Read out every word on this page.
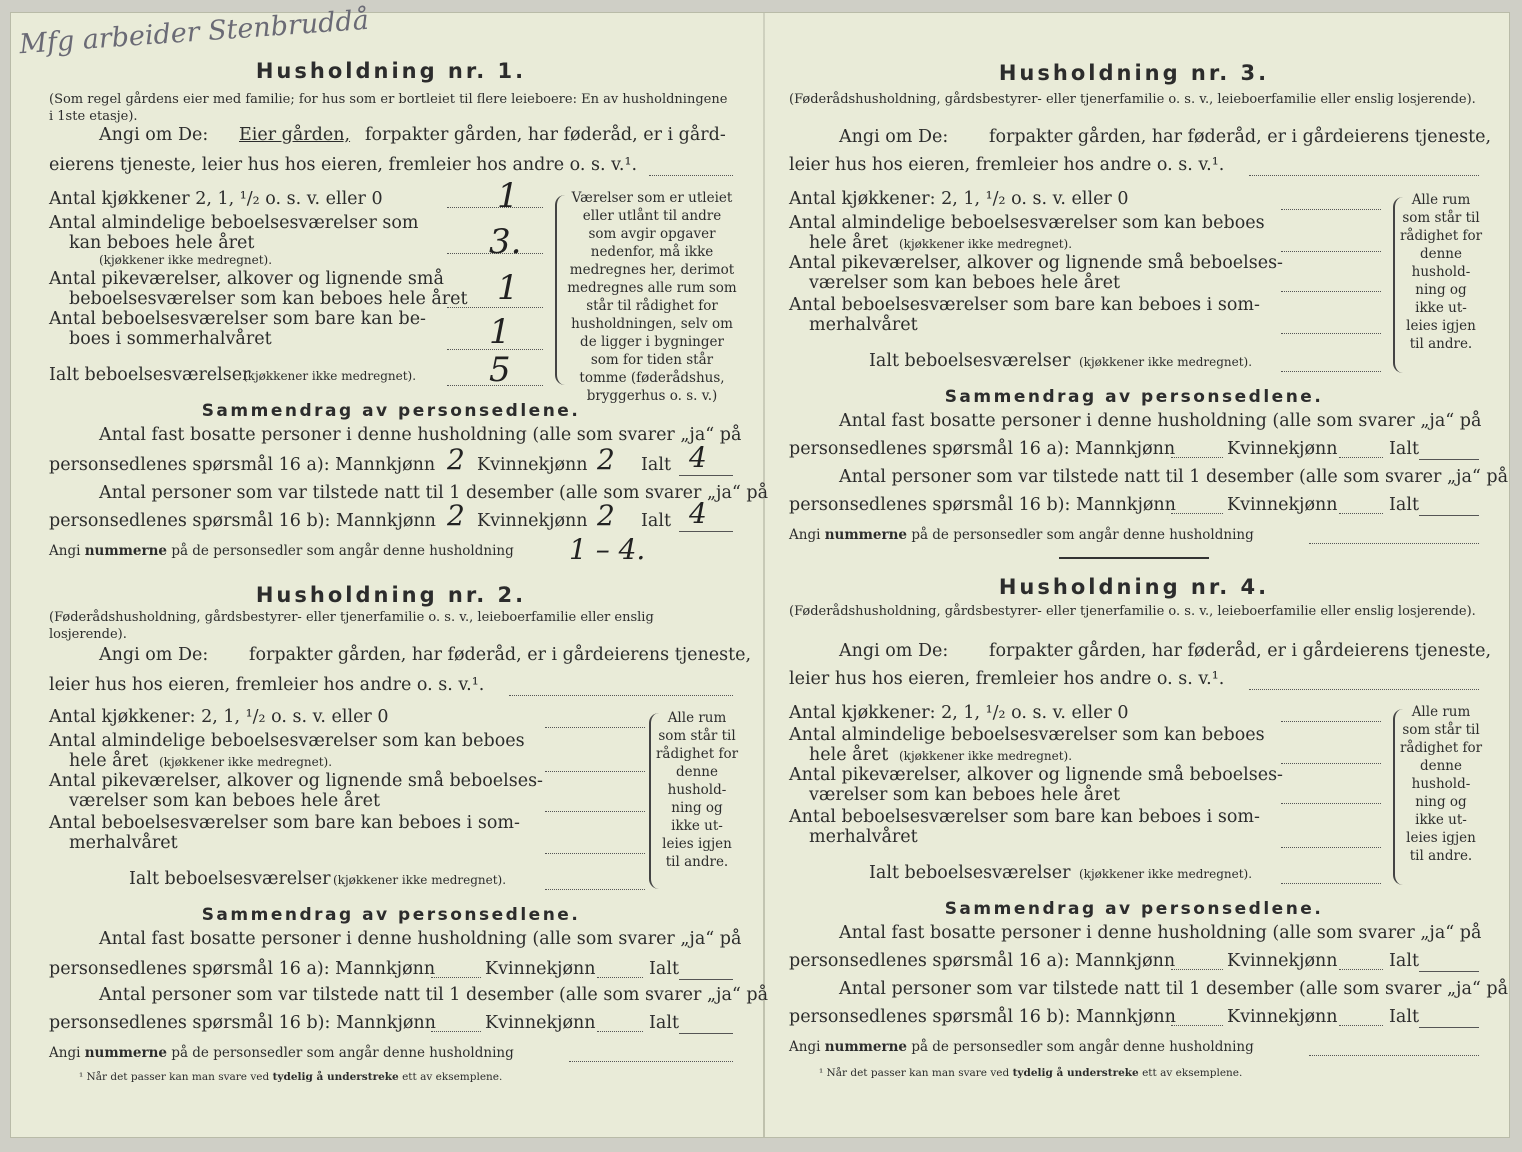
Mfg arbeider Stenbruddå
Husholdning nr. 1.
(Som regel gårdens eier med familie; for hus som er bortleiet til flere leieboere: En av husholdningene i 1ste etasje).
Angi om De: Eier gården, forpakter gården, har føderåd, er i gård-
eierens tjeneste, leier hus hos eieren, fremleier hos andre o. s. v.¹.
Antal kjøkkener 2, 1, ¹/₂ o. s. v. eller 0	1
Antal almindelige beboelsesværelser som
kan beboes hele året
(kjøkkener ikke medregnet).	3.
Antal pikeværelser, alkover og lignende små
beboelsesværelser som kan beboes hele året 1
Antal beboelsesværelser som bare kan be-
boes i sommerhalvåret	1
Ialt beboelsesværelser
(kjøkkener ikke medregnet). 5
Værelser som er utleiet eller utlånt til andre som avgir opgaver nedenfor, må ikke medregnes her, derimot medregnes alle rum som står til rådighet for husholdningen, selv om de ligger i bygninger som for tiden står tomme (føderådshus, bryggerhus o. s. v.)
Sammendrag av personsedlene.
Antal fast bosatte personer i denne husholdning (alle som svarer „ja“ på
personsedlenes spørsmål 16 a): Mannkjønn 2 Kvinnekjønn 2 Ialt 4
Antal personer som var tilstede natt til 1 desember (alle som svarer „ja“ på
personsedlenes spørsmål 16 b): Mannkjønn 2 Kvinnekjønn 2 Ialt 4
Angi nummerne på de personsedler som angår denne husholdning 1 – 4.
Husholdning nr. 2.
(Føderådshusholdning, gårdsbestyrer- eller tjenerfamilie o. s. v., leieboerfamilie eller enslig losjerende).
Angi om De: forpakter gården, har føderåd, er i gårdeierens tjeneste,
leier hus hos eieren, fremleier hos andre o. s. v.¹.
Antal kjøkkener: 2, 1, ¹/₂ o. s. v. eller 0
Antal almindelige beboelsesværelser som kan beboes
hele året (kjøkkener ikke medregnet).
Antal pikeværelser, alkover og lignende små beboelses-
værelser som kan beboes hele året
Antal beboelsesværelser som bare kan beboes i som-
merhalvåret
Ialt beboelsesværelser (kjøkkener ikke medregnet).
Alle rum som står til rådighet for denne hushold- ning og ikke ut- leies igjen til andre.
Sammendrag av personsedlene.
Antal fast bosatte personer i denne husholdning (alle som svarer „ja“ på
personsedlenes spørsmål 16 a): Mannkjønn	Kvinnekjønn	Ialt
Antal personer som var tilstede natt til 1 desember (alle som svarer „ja“ på
personsedlenes spørsmål 16 b): Mannkjønn	Kvinnekjønn	Ialt
Angi nummerne på de personsedler som angår denne husholdning
¹ Når det passer kan man svare ved tydelig å understreke ett av eksemplene.
Husholdning nr. 3.
(Føderådshusholdning, gårdsbestyrer- eller tjenerfamilie o. s. v., leieboerfamilie eller enslig losjerende).
Angi om De: forpakter gården, har føderåd, er i gårdeierens tjeneste,
leier hus hos eieren, fremleier hos andre o. s. v.¹.
Antal kjøkkener: 2, 1, ¹/₂ o. s. v. eller 0
Antal almindelige beboelsesværelser som kan beboes
hele året (kjøkkener ikke medregnet).
Antal pikeværelser, alkover og lignende små beboelses-
værelser som kan beboes hele året
Antal beboelsesværelser som bare kan beboes i som-
merhalvåret
Ialt beboelsesværelser (kjøkkener ikke medregnet).
Alle rum som står til rådighet for denne hushold- ning og ikke ut- leies igjen til andre.
Sammendrag av personsedlene.
Antal fast bosatte personer i denne husholdning (alle som svarer „ja“ på
personsedlenes spørsmål 16 a): Mannkjønn	Kvinnekjønn	Ialt
Antal personer som var tilstede natt til 1 desember (alle som svarer „ja“ på
personsedlenes spørsmål 16 b): Mannkjønn	Kvinnekjønn	Ialt
Angi nummerne på de personsedler som angår denne husholdning
Husholdning nr. 4.
(Føderådshusholdning, gårdsbestyrer- eller tjenerfamilie o. s. v., leieboerfamilie eller enslig losjerende).
Angi om De: forpakter gården, har føderåd, er i gårdeierens tjeneste,
leier hus hos eieren, fremleier hos andre o. s. v.¹.
Antal kjøkkener: 2, 1, ¹/₂ o. s. v. eller 0
Antal almindelige beboelsesværelser som kan beboes
hele året (kjøkkener ikke medregnet).
Antal pikeværelser, alkover og lignende små beboelses-
værelser som kan beboes hele året
Antal beboelsesværelser som bare kan beboes i som-
merhalvåret
Ialt beboelsesværelser (kjøkkener ikke medregnet).
Alle rum som står til rådighet for denne hushold- ning og ikke ut- leies igjen til andre.
Sammendrag av personsedlene.
Antal fast bosatte personer i denne husholdning (alle som svarer „ja“ på
personsedlenes spørsmål 16 a): Mannkjønn	Kvinnekjønn	Ialt
Antal personer som var tilstede natt til 1 desember (alle som svarer „ja“ på
personsedlenes spørsmål 16 b): Mannkjønn	Kvinnekjønn	Ialt
Angi nummerne på de personsedler som angår denne husholdning
¹ Når det passer kan man svare ved tydelig å understreke ett av eksemplene.
